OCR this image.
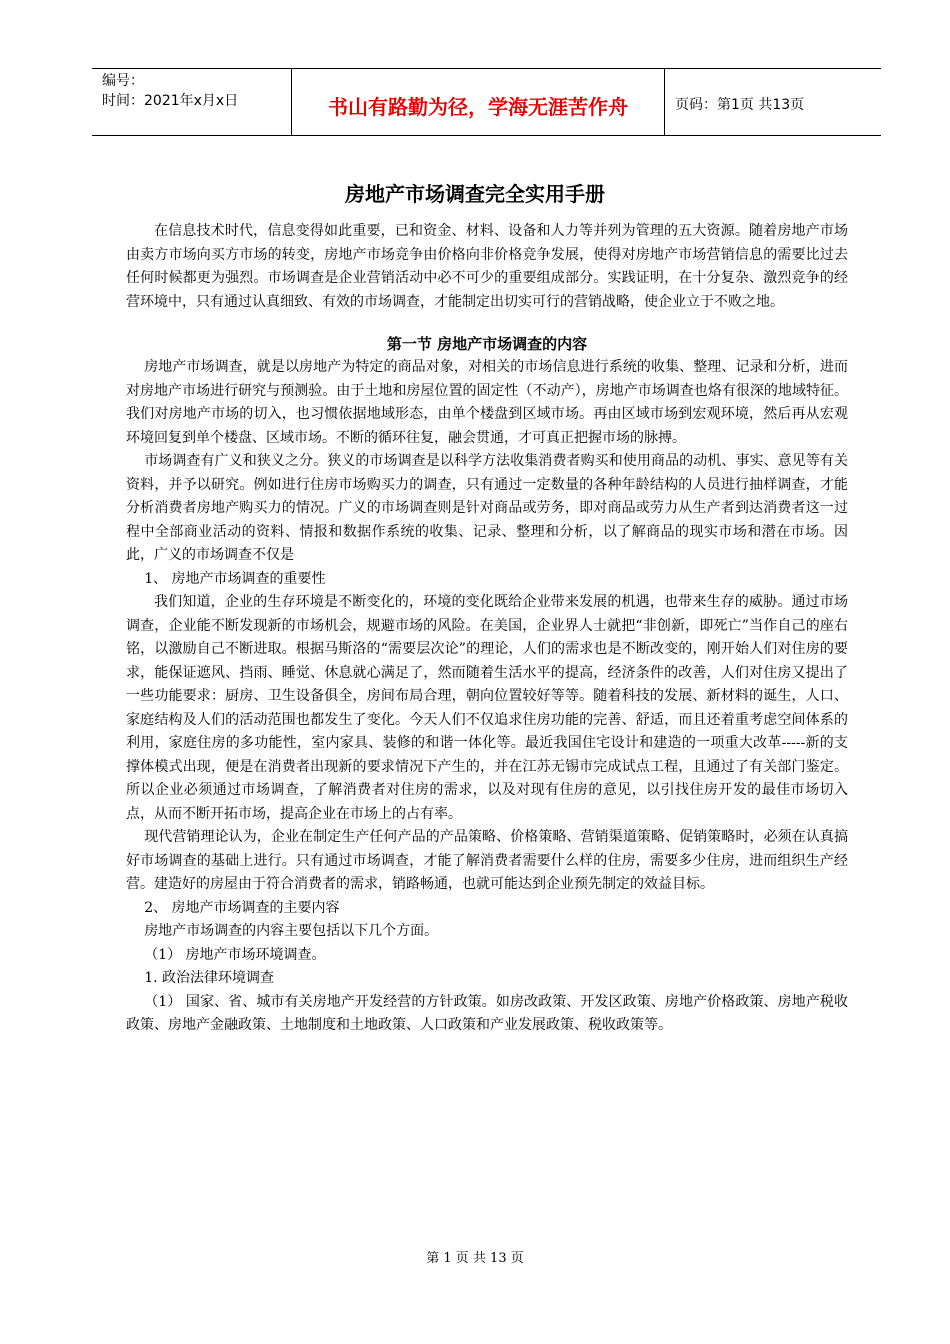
编号：
时间：2021年x月x日	书山有路勤为径，学海无涯苦作舟	页码：第1页 共13页
房地产市场调查完全实用手册

在信息技术时代，信息变得如此重要，已和资金、材料、设备和人力等并列为管理的五大资源。随着房地产市场由卖方市场向买方市场的转变，房地产市场竞争由价格向非价格竞争发展，使得对房地产市场营销信息的需要比过去任何时候都更为强烈。市场调查是企业营销活动中必不可少的重要组成部分。实践证明，在十分复杂、激烈竞争的经营环境中，只有通过认真细致、有效的市场调查，才能制定出切实可行的营销战略，使企业立于不败之地。

第一节 房地产市场调查的内容

房地产市场调查，就是以房地产为特定的商品对象，对相关的市场信息进行系统的收集、整理、记录和分析，进而对房地产市场进行研究与预测验。由于土地和房屋位置的固定性（不动产），房地产市场调查也烙有很深的地域特征。我们对房地产市场的切入，也习惯依据地域形态，由单个楼盘到区域市场。再由区域市场到宏观环境，然后再从宏观环境回复到单个楼盘、区域市场。不断的循环往复，融会贯通，才可真正把握市场的脉搏。

市场调查有广义和狭义之分。狭义的市场调查是以科学方法收集消费者购买和使用商品的动机、事实、意见等有关资料，并予以研究。例如进行住房市场购买力的调查，只有通过一定数量的各种年龄结构的人员进行抽样调查，才能分析消费者房地产购买力的情况。广义的市场调查则是针对商品或劳务，即对商品或劳力从生产者到达消费者这一过程中全部商业活动的资料、情报和数据作系统的收集、记录、整理和分析，以了解商品的现实市场和潜在市场。因此，广义的市场调查不仅是

1、 房地产市场调查的重要性

我们知道，企业的生存环境是不断变化的，环境的变化既给企业带来发展的机遇，也带来生存的威胁。通过市场调查，企业能不断发现新的市场机会，规避市场的风险。在美国，企业界人士就把“非创新，即死亡”当作自己的座右铭，以激励自己不断进取。根据马斯洛的“需要层次论”的理论，人们的需求也是不断改变的，刚开始人们对住房的要求，能保证遮风、挡雨、睡觉、休息就心满足了，然而随着生活水平的提高，经济条件的改善，人们对住房又提出了一些功能要求：厨房、卫生设备俱全，房间布局合理，朝向位置较好等等。随着科技的发展、新材料的诞生，人口、家庭结构及人们的活动范围也都发生了变化。今天人们不仅追求住房功能的完善、舒适，而且还着重考虑空间体系的利用，家庭住房的多功能性，室内家具、装修的和谐一体化等。最近我国住宅设计和建造的一项重大改革-----新的支撑体模式出现，便是在消费者出现新的要求情况下产生的，并在江苏无锡市完成试点工程，且通过了有关部门鉴定。所以企业必须通过市场调查，了解消费者对住房的需求，以及对现有住房的意见，以引找住房开发的最佳市场切入点，从而不断开拓市场，提高企业在市场上的占有率。

现代营销理论认为，企业在制定生产任何产品的产品策略、价格策略、营销渠道策略、促销策略时，必须在认真搞好市场调查的基础上进行。只有通过市场调查，才能了解消费者需要什么样的住房，需要多少住房，进而组织生产经营。建造好的房屋由于符合消费者的需求，销路畅通，也就可能达到企业预先制定的效益目标。

2、 房地产市场调查的主要内容

房地产市场调查的内容主要包括以下几个方面。

（1） 房地产市场环境调查。

1. 政治法律环境调查

（1） 国家、省、城市有关房地产开发经营的方针政策。如房改政策、开发区政策、房地产价格政策、房地产税收政策、房地产金融政策、土地制度和土地政策、人口政策和产业发展政策、税收政策等。

第 1 页 共 13 页
